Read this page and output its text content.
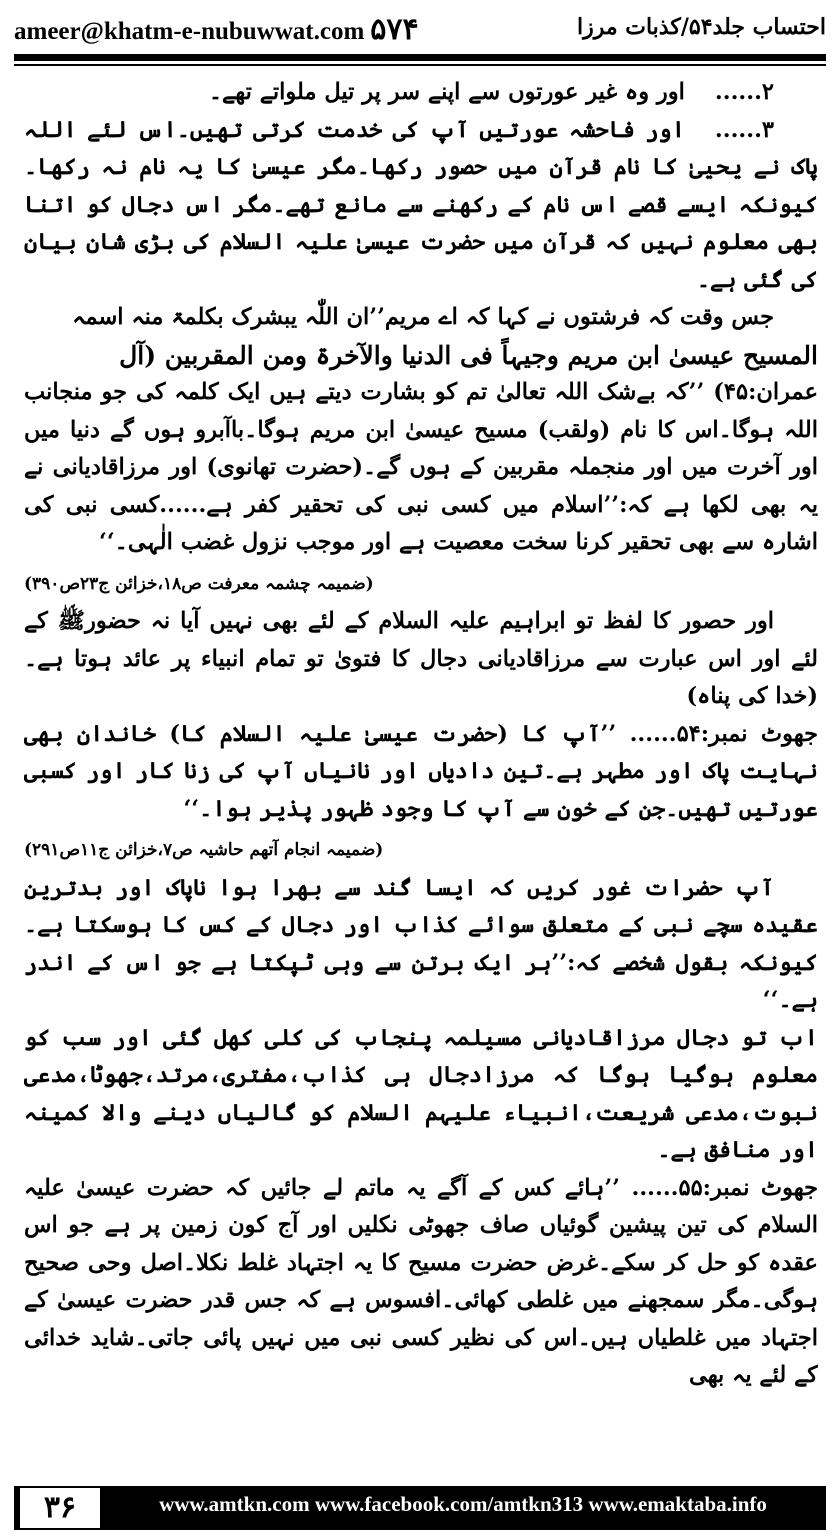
ameer@khatm-e-nubuwwat.com ۵۷۴	احتساب جلد۵۴/کذبات مرزا

۲......اور وہ غیر عورتوں سے اپنے سر پر تیل ملواتے تھے۔

۳......اور فاحشہ عورتیں آپ کی خدمت کرتی تھیں۔اس لئے اللہ پاک نے یحییٰ کا نام قرآن میں حصور رکھا۔مگر عیسیٰ کا یہ نام نہ رکھا۔کیونکہ ایسے قصے اس نام کے رکھنے سے مانع تھے۔مگر اس دجال کو اتنا بھی معلوم نہیں کہ قرآن میں حضرت عیسیٰ علیہ السلام کی بڑی شان بیان کی گئی ہے۔

جس وقت کہ فرشتوں نے کہا کہ اے مریم’’ان اللّٰہ یبشرک بکلمۃ منہ اسمہ

المسیح عیسیٰ ابن مریم وجیہاً فی الدنیا والآخرۃ ومن المقربین (آل

عمران:۴۵) ’’کہ بےشک اللہ تعالیٰ تم کو بشارت دیتے ہیں ایک کلمہ کی جو منجانب اللہ ہوگا۔اس کا نام (ولقب) مسیح عیسیٰ ابن مریم ہوگا۔باآبرو ہوں گے دنیا میں اور آخرت میں اور منجملہ مقربین کے ہوں گے۔(حضرت تھانوی) اور مرزاقادیانی نے یہ بھی لکھا ہے کہ:’’اسلام میں کسی نبی کی تحقیر کفر ہے......کسی نبی کی اشارہ سے بھی تحقیر کرنا سخت معصیت ہے اور موجب نزول غضب الٰہی۔‘‘

(ضمیمہ چشمہ معرفت ص۱۸،خزائن ج۲۳ص۳۹۰)

اور حصور کا لفظ تو ابراہیم علیہ السلام کے لئے بھی نہیں آیا نہ حضورﷺ کے لئے اور اس عبارت سے مرزاقادیانی دجال کا فتویٰ تو تمام انبیاء پر عائد ہوتا ہے۔(خدا کی پناہ)

جھوٹ نمبر:۵۴...... ’’آپ کا (حضرت عیسیٰ علیہ السلام کا) خاندان بھی نہایت پاک اور مطہر ہے۔تین دادیاں اور نانیاں آپ کی زنا کار اور کسبی عورتیں تھیں۔جن کے خون سے آپ کا وجود ظہور پذیر ہوا۔‘‘

(ضمیمہ انجام آتھم حاشیہ ص۷،خزائن ج۱۱ص۲۹۱)

آپ حضرات غور کریں کہ ایسا گند سے بھرا ہوا ناپاک اور بدترین عقیدہ سچے نبی کے متعلق سوائے کذاب اور دجال کے کس کا ہوسکتا ہے۔کیونکہ بقول شخصے کہ:’’ہر ایک برتن سے وہی ٹپکتا ہے جو اس کے اندر ہے۔‘‘

اب تو دجال مرزاقادیانی مسیلمہ پنجاب کی کلی کھل گئی اور سب کو معلوم ہوگیا ہوگا کہ مرزادجال ہی کذاب،مفتری،مرتد،جھوٹا،مدعی نبوت،مدعی شریعت،انبیاء علیہم السلام کو گالیاں دینے والا کمینہ اور منافق ہے۔

جھوٹ نمبر:۵۵...... ’’ہائے کس کے آگے یہ ماتم لے جائیں کہ حضرت عیسیٰ علیہ السلام کی تین پیشین گوئیاں صاف جھوٹی نکلیں اور آج کون زمین پر ہے جو اس عقدہ کو حل کر سکے۔غرض حضرت مسیح کا یہ اجتہاد غلط نکلا۔اصل وحی صحیح ہوگی۔مگر سمجھنے میں غلطی کھائی۔افسوس ہے کہ جس قدر حضرت عیسیٰ کے اجتہاد میں غلطیاں ہیں۔اس کی نظیر کسی نبی میں نہیں پائی جاتی۔شاید خدائی کے لئے یہ بھی

۳۶	www.amtkn.com www.facebook.com/amtkn313 www.emaktaba.info
